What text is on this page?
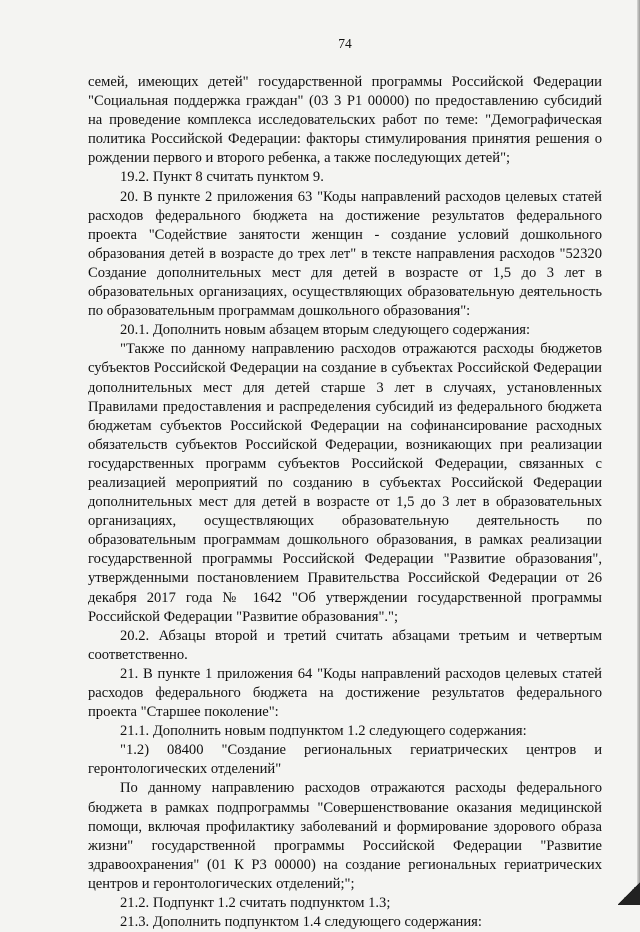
74

семей, имеющих детей" государственной программы Российской Федерации "Социальная поддержка граждан" (03 3 P1 00000) по предоставлению субсидий на проведение комплекса исследовательских работ по теме: "Демографическая политика Российской Федерации: факторы стимулирования принятия решения о рождении первого и второго ребенка, а также последующих детей";

19.2. Пункт 8 считать пунктом 9.

20. В пункте 2 приложения 63 "Коды направлений расходов целевых статей расходов федерального бюджета на достижение результатов федерального проекта "Содействие занятости женщин - создание условий дошкольного образования детей в возрасте до трех лет" в тексте направления расходов "52320 Создание дополнительных мест для детей в возрасте от 1,5 до 3 лет в образовательных организациях, осуществляющих образовательную деятельность по образовательным программам дошкольного образования":

20.1. Дополнить новым абзацем вторым следующего содержания:

"Также по данному направлению расходов отражаются расходы бюджетов субъектов Российской Федерации на создание в субъектах Российской Федерации дополнительных мест для детей старше 3 лет в случаях, установленных Правилами предоставления и распределения субсидий из федерального бюджета бюджетам субъектов Российской Федерации на софинансирование расходных обязательств субъектов Российской Федерации, возникающих при реализации государственных программ субъектов Российской Федерации, связанных с реализацией мероприятий по созданию в субъектах Российской Федерации дополнительных мест для детей в возрасте от 1,5 до 3 лет в образовательных организациях, осуществляющих образовательную деятельность по образовательным программам дошкольного образования, в рамках реализации государственной программы Российской Федерации "Развитие образования", утвержденными постановлением Правительства Российской Федерации от 26 декабря 2017 года № 1642 "Об утверждении государственной программы Российской Федерации "Развитие образования".";

20.2. Абзацы второй и третий считать абзацами третьим и четвертым соответственно.

21. В пункте 1 приложения 64 "Коды направлений расходов целевых статей расходов федерального бюджета на достижение результатов федерального проекта "Старшее поколение":

21.1. Дополнить новым подпунктом 1.2 следующего содержания:

"1.2) 08400 "Создание региональных гериатрических центров и геронтологических отделений"

По данному направлению расходов отражаются расходы федерального бюджета в рамках подпрограммы "Совершенствование оказания медицинской помощи, включая профилактику заболеваний и формирование здорового образа жизни" государственной программы Российской Федерации "Развитие здравоохранения" (01 К Р3 00000) на создание региональных гериатрических центров и геронтологических отделений;";

21.2. Подпункт 1.2 считать подпунктом 1.3;

21.3. Дополнить подпунктом 1.4 следующего содержания:
